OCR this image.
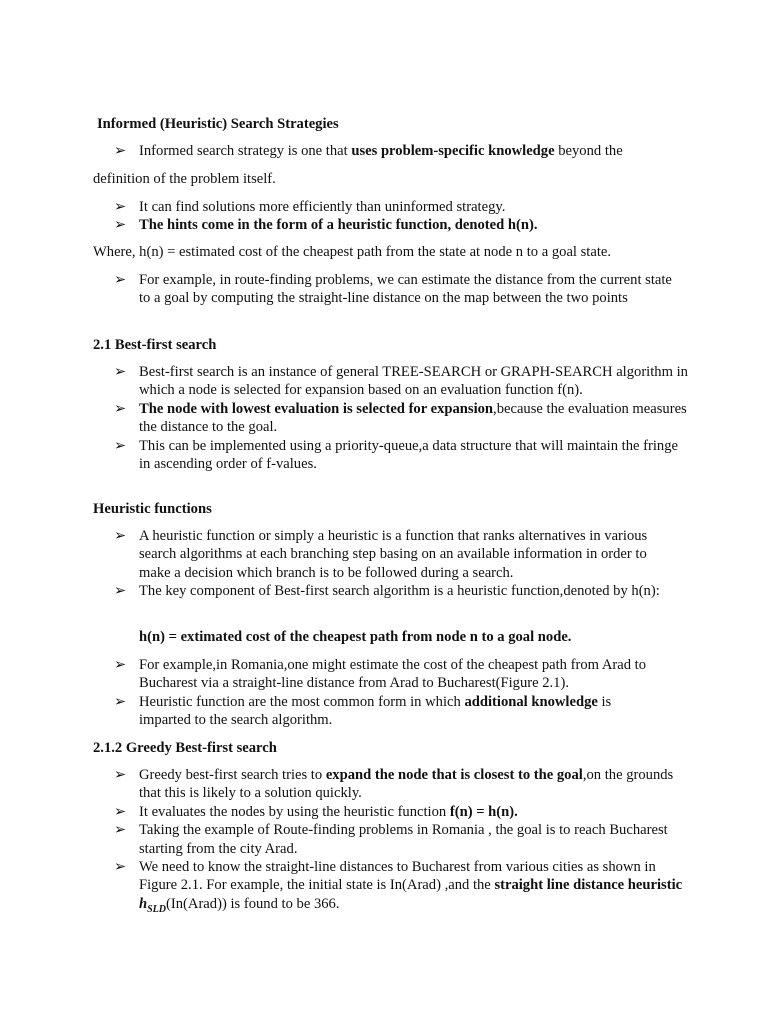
Informed (Heuristic) Search Strategies
➢ Informed search strategy is one that uses problem-specific knowledge beyond the
definition of the problem itself.
➢ It can find solutions more efficiently than uninformed strategy.
➢ The hints come in the form of a heuristic function, denoted h(n).
Where, h(n) = estimated cost of the cheapest path from the state at node n to a goal state.
➢ For example, in route-finding problems, we can estimate the distance from the current state to a goal by computing the straight-line distance on the map between the two points
2.1 Best-first search
➢ Best-first search is an instance of general TREE-SEARCH or GRAPH-SEARCH algorithm in which a node is selected for expansion based on an evaluation function f(n).
➢ The node with lowest evaluation is selected for expansion,because the evaluation measures the distance to the goal.
➢ This can be implemented using a priority-queue,a data structure that will maintain the fringe in ascending order of f-values.
Heuristic functions
➢ A heuristic function or simply a heuristic is a function that ranks alternatives in various search algorithms at each branching step basing on an available information in order to make a decision which branch is to be followed during a search.
➢ The key component of Best-first search algorithm is a heuristic function,denoted by h(n):
h(n) = extimated cost of the cheapest path from node n to a goal node.
➢ For example,in Romania,one might estimate the cost of the cheapest path from Arad to Bucharest via a straight-line distance from Arad to Bucharest(Figure 2.1).
➢ Heuristic function are the most common form in which additional knowledge is imparted to the search algorithm.
2.1.2 Greedy Best-first search
➢ Greedy best-first search tries to expand the node that is closest to the goal,on the grounds that this is likely to a solution quickly.
➢ It evaluates the nodes by using the heuristic function f(n) = h(n).
➢ Taking the example of Route-finding problems in Romania , the goal is to reach Bucharest starting from the city Arad.
➢ We need to know the straight-line distances to Bucharest from various cities as shown in Figure 2.1. For example, the initial state is In(Arad) ,and the straight line distance heuristic $h_{SLD}(In(Arad))$ is found to be 366.
